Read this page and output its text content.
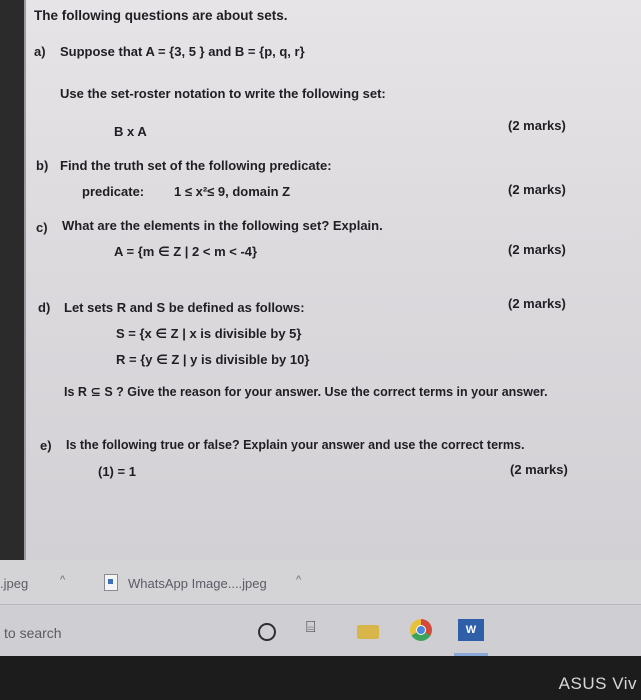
The following questions are about sets.
a) Suppose that A = {3, 5 } and B = {p, q, r}
Use the set-roster notation to write the following set:
B x A	(2 marks)
b) Find the truth set of the following predicate:
predicate: 1 ≤ x²≤ 9, domain Z	(2 marks)
c) What are the elements in the following set? Explain.
A = {m ∈ Z | 2 < m < -4}	(2 marks)
d) Let sets R and S be defined as follows:	(2 marks)
S = {x ∈ Z | x is divisible by 5}
R = {y ∈ Z | y is divisible by 10}
Is R ⊆ S ? Give the reason for your answer. Use the correct terms in your answer.
e) Is the following true or false? Explain your answer and use the correct terms.
(1) = 1	(2 marks)
.jpeg	^	WhatsApp Image....jpeg	^
to search	⌸	W
ASUS Viv
